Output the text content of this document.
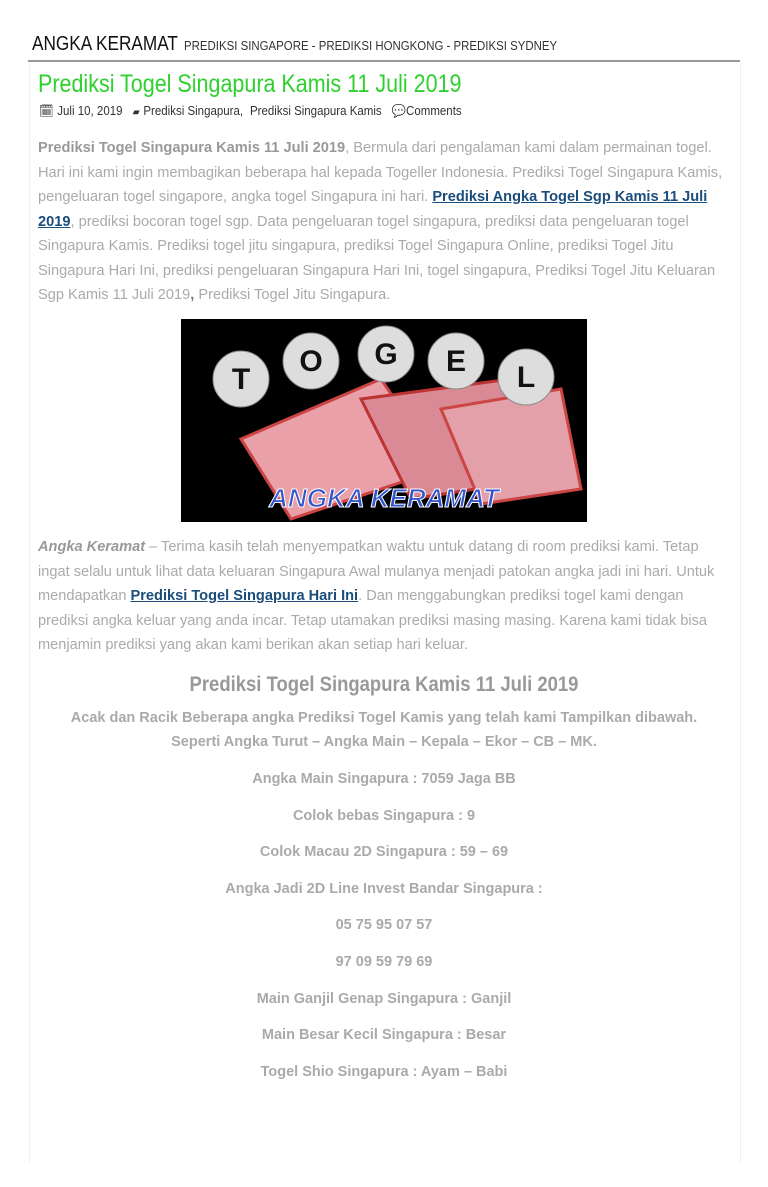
ANGKA KERAMAT PREDIKSI SINGAPORE - PREDIKSI HONGKONG - PREDIKSI SYDNEY
Prediksi Togel Singapura Kamis 11 Juli 2019
🗓 Juli 10, 2019 ▰ Prediksi Singapura, Prediksi Singapura Kamis 💬Comments
Prediksi Togel Singapura Kamis 11 Juli 2019, Bermula dari pengalaman kami dalam permainan togel. Hari ini kami ingin membagikan beberapa hal kepada Togeller Indonesia. Prediksi Togel Singapura Kamis, pengeluaran togel singapore, angka togel Singapura ini hari. Prediksi Angka Togel Sgp Kamis 11 Juli 2019, prediksi bocoran togel sgp. Data pengeluaran togel singapura, prediksi data pengeluaran togel Singapura Kamis. Prediksi togel jitu singapura, prediksi Togel Singapura Online, prediksi Togel Jitu Singapura Hari Ini, prediksi pengeluaran Singapura Hari Ini, togel singapura, Prediksi Togel Jitu Keluaran Sgp Kamis 11 Juli 2019, Prediksi Togel Jitu Singapura.
T
O G E L
ANGKA KERAMAT
Angka Keramat – Terima kasih telah menyempatkan waktu untuk datang di room prediksi kami. Tetap ingat selalu untuk lihat data keluaran Singapura Awal mulanya menjadi patokan angka jadi ini hari. Untuk mendapatkan Prediksi Togel Singapura Hari Ini. Dan menggabungkan prediksi togel kami dengan prediksi angka keluar yang anda incar. Tetap utamakan prediksi masing masing. Karena kami tidak bisa menjamin prediksi yang akan kami berikan akan setiap hari keluar.
Prediksi Togel Singapura Kamis 11 Juli 2019
Acak dan Racik Beberapa angka Prediksi Togel Kamis yang telah kami Tampilkan dibawah.
Seperti Angka Turut – Angka Main – Kepala – Ekor – CB – MK.
Angka Main Singapura : 7059 Jaga BB
Colok bebas Singapura : 9
Colok Macau 2D Singapura : 59 – 69
Angka Jadi 2D Line Invest Bandar Singapura :
05 75 95 07 57
97 09 59 79 69
Main Ganjil Genap Singapura : Ganjil
Main Besar Kecil Singapura : Besar
Togel Shio Singapura : Ayam – Babi
